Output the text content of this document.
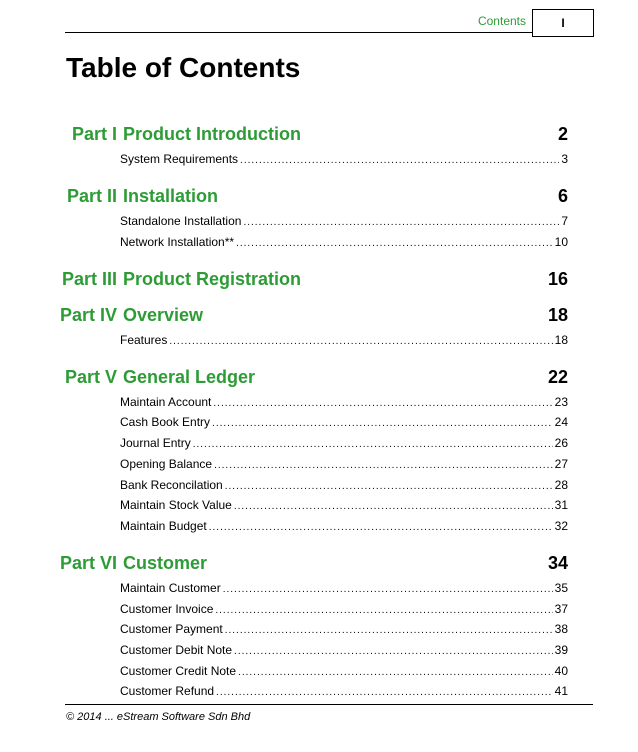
Contents	I
Table of Contents
Part I Product Introduction	2
System Requirements .....	3
Part II Installation	6
Standalone Installation .....	7
Network Installation** .....	10
Part III Product Registration	16
Part IV Overview	18
Features .....	18
Part V General Ledger	22
Maintain Account .....	23
Cash Book Entry .....	24
Journal Entry .....	26
Opening Balance .....	27
Bank Reconcilation .....	28
Maintain Stock Value .....	31
Maintain Budget .....	32
Part VI Customer	34
Maintain Customer .....	35
Customer Invoice .....	37
Customer Payment .....	38
Customer Debit Note .....	39
Customer Credit Note .....	40
Customer Refund .....	41
© 2014 ... eStream Software Sdn Bhd
